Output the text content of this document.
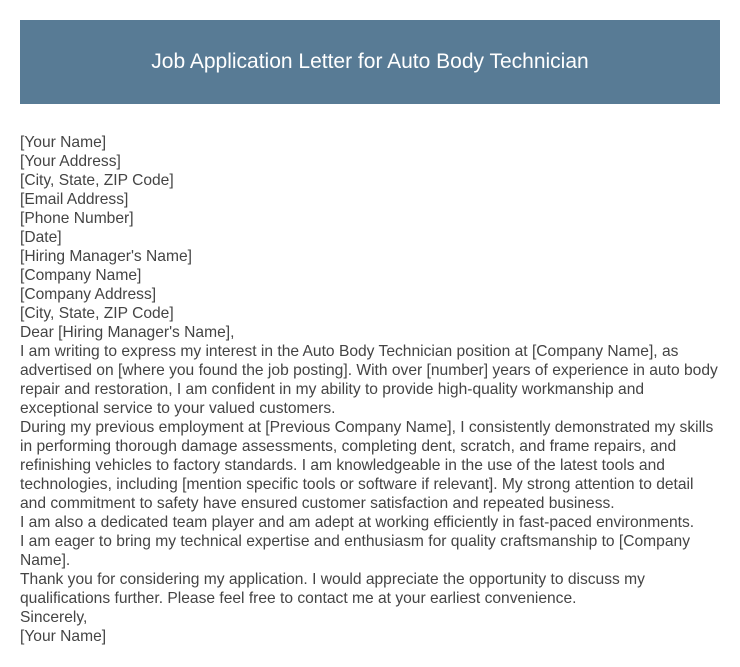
Job Application Letter for Auto Body Technician
[Your Name]
[Your Address]
[City, State, ZIP Code]
[Email Address]
[Phone Number]
[Date]
[Hiring Manager's Name]
[Company Name]
[Company Address]
[City, State, ZIP Code]
Dear [Hiring Manager's Name],

I am writing to express my interest in the Auto Body Technician position at [Company Name], as advertised on [where you found the job posting]. With over [number] years of experience in auto body repair and restoration, I am confident in my ability to provide high-quality workmanship and exceptional service to your valued customers.

During my previous employment at [Previous Company Name], I consistently demonstrated my skills in performing thorough damage assessments, completing dent, scratch, and frame repairs, and refinishing vehicles to factory standards. I am knowledgeable in the use of the latest tools and technologies, including [mention specific tools or software if relevant]. My strong attention to detail and commitment to safety have ensured customer satisfaction and repeated business.

I am also a dedicated team player and am adept at working efficiently in fast-paced environments.

I am eager to bring my technical expertise and enthusiasm for quality craftsmanship to [Company Name].

Thank you for considering my application. I would appreciate the opportunity to discuss my qualifications further. Please feel free to contact me at your earliest convenience.

Sincerely,
[Your Name]
